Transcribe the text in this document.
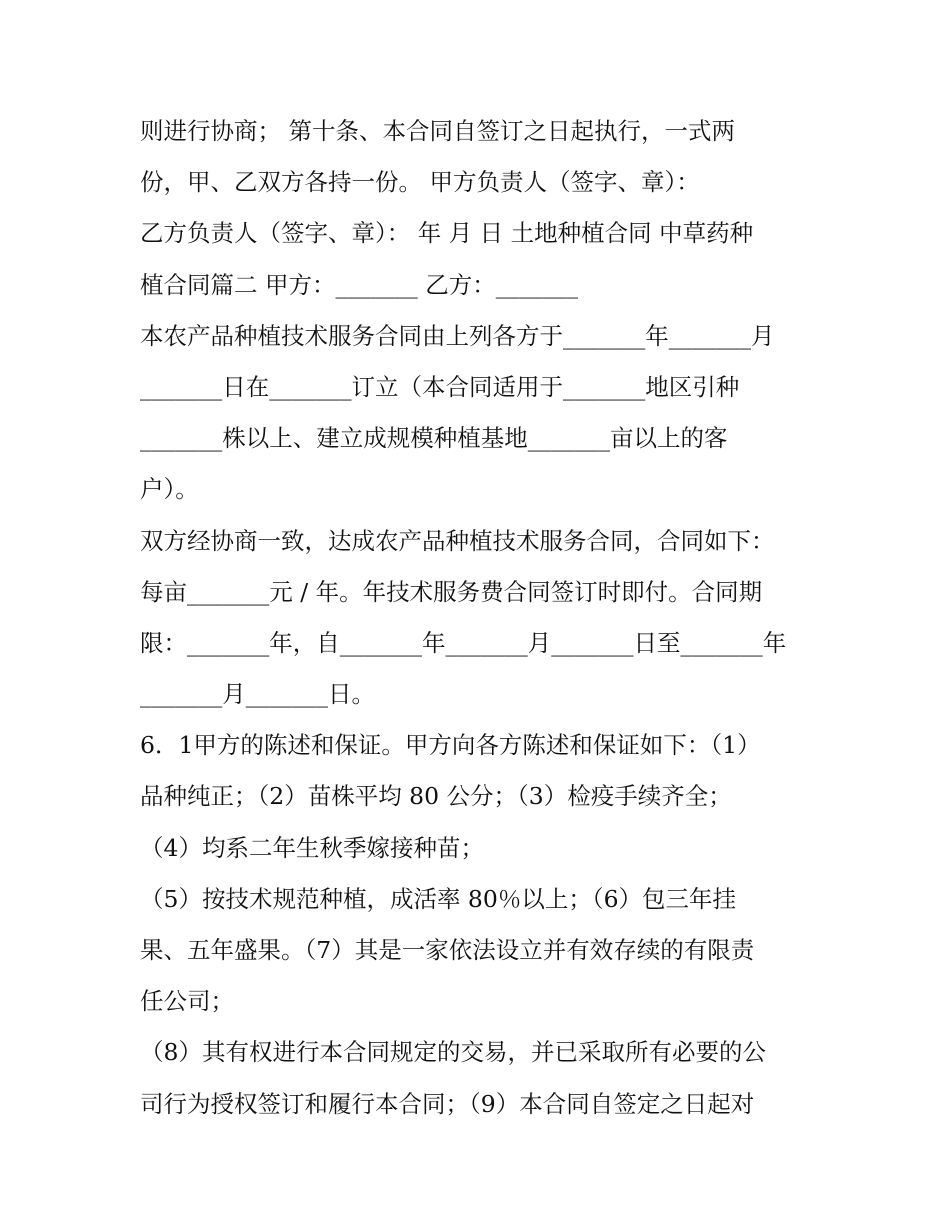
则进行协商； 第十条、本合同自签订之日起执行，一式两
份，甲、乙双方各持一份。 甲方负责人（签字、章）：
乙方负责人（签字、章）： 年 月 日 土地种植合同 中草药种
植合同篇二 甲方：_______ 乙方：_______
本农产品种植技术服务合同由上列各方于_______年_______月
_______日在_______订立（本合同适用于_______地区引种
_______株以上、建立成规模种植基地_______亩以上的客
户）。
双方经协商一致，达成农产品种植技术服务合同，合同如下：
每亩_______元 / 年。年技术服务费合同签订时即付。合同期
限：_______年，自_______年_______月_______日至_______年
_______月_______日。
6．1甲方的陈述和保证。甲方向各方陈述和保证如下：（1）
品种纯正；（2）苗株平均 80 公分；（3）检疫手续齐全；
（4）均系二年生秋季嫁接种苗；
（5）按技术规范种植，成活率 80％以上；（6）包三年挂
果、五年盛果。（7）其是一家依法设立并有效存续的有限责
任公司；
（8）其有权进行本合同规定的交易，并已采取所有必要的公
司行为授权签订和履行本合同；（9）本合同自签定之日起对
